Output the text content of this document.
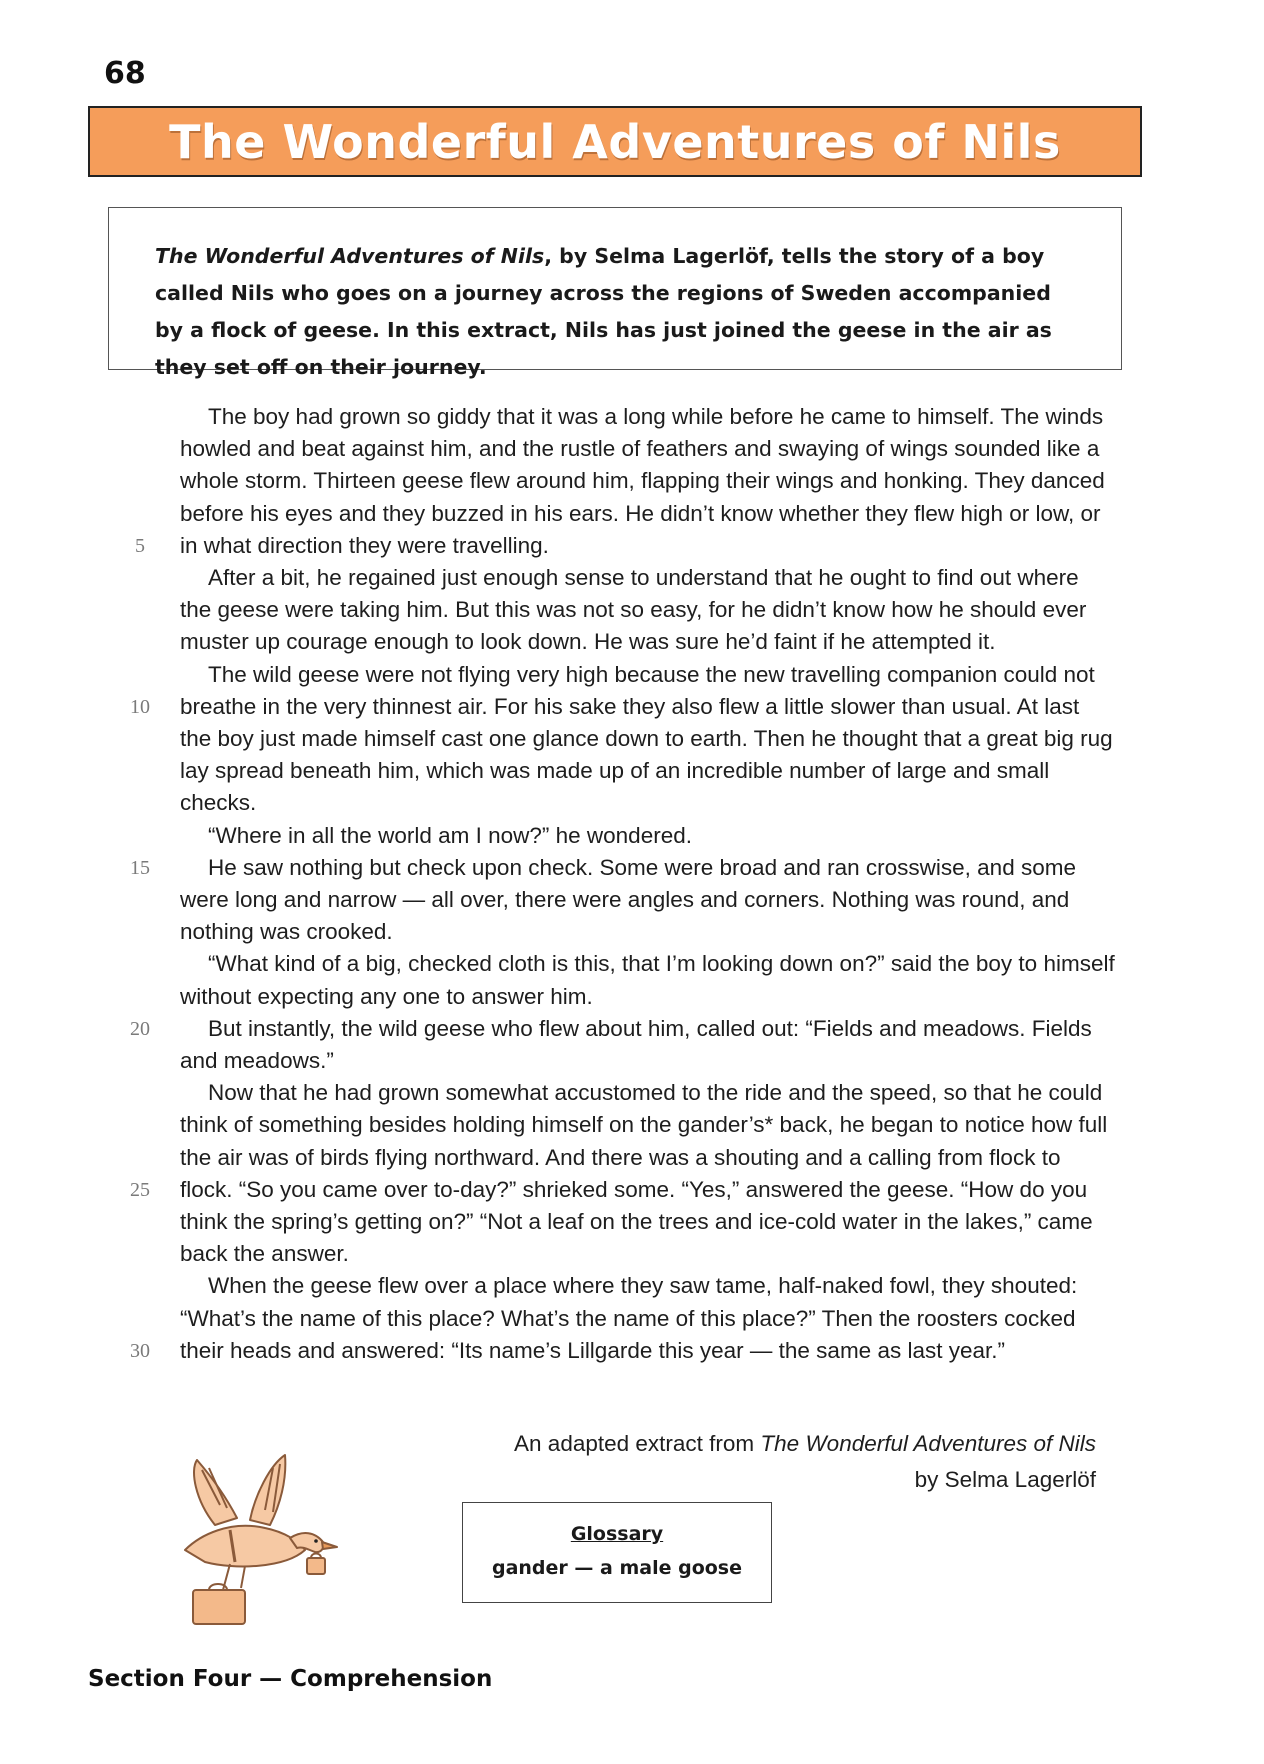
68
The Wonderful Adventures of Nils

The Wonderful Adventures of Nils, by Selma Lagerlöf, tells the story of a boy called Nils who goes on a journey across the regions of Sweden accompanied by a flock of geese. In this extract, Nils has just joined the geese in the air as they set off on their journey.

5
10
15
20
25
30

The boy had grown so giddy that it was a long while before he came to himself. The winds howled and beat against him, and the rustle of feathers and swaying of wings sounded like a whole storm. Thirteen geese flew around him, flapping their wings and honking. They danced before his eyes and they buzzed in his ears. He didn’t know whether they flew high or low, or in what direction they were travelling.

After a bit, he regained just enough sense to understand that he ought to find out where the geese were taking him. But this was not so easy, for he didn’t know how he should ever muster up courage enough to look down. He was sure he’d faint if he attempted it.

The wild geese were not flying very high because the new travelling companion could not breathe in the very thinnest air. For his sake they also flew a little slower than usual. At last the boy just made himself cast one glance down to earth. Then he thought that a great big rug lay spread beneath him, which was made up of an incredible number of large and small checks.

“Where in all the world am I now?” he wondered.

He saw nothing but check upon check. Some were broad and ran crosswise, and some were long and narrow — all over, there were angles and corners. Nothing was round, and nothing was crooked.

“What kind of a big, checked cloth is this, that I’m looking down on?” said the boy to himself without expecting any one to answer him.

But instantly, the wild geese who flew about him, called out: “Fields and meadows. Fields and meadows.”

Now that he had grown somewhat accustomed to the ride and the speed, so that he could think of something besides holding himself on the gander’s* back, he began to notice how full the air was of birds flying northward. And there was a shouting and a calling from flock to flock. “So you came over to-day?” shrieked some. “Yes,” answered the geese. “How do you think the spring’s getting on?” “Not a leaf on the trees and ice-cold water in the lakes,” came back the answer.

When the geese flew over a place where they saw tame, half-naked fowl, they shouted: “What’s the name of this place? What’s the name of this place?” Then the roosters cocked their heads and answered: “Its name’s Lillgarde this year — the same as last year.”

An adapted extract from The Wonderful Adventures of Nils
by Selma Lagerlöf
Glossary
gander — a male goose
Section Four — Comprehension
